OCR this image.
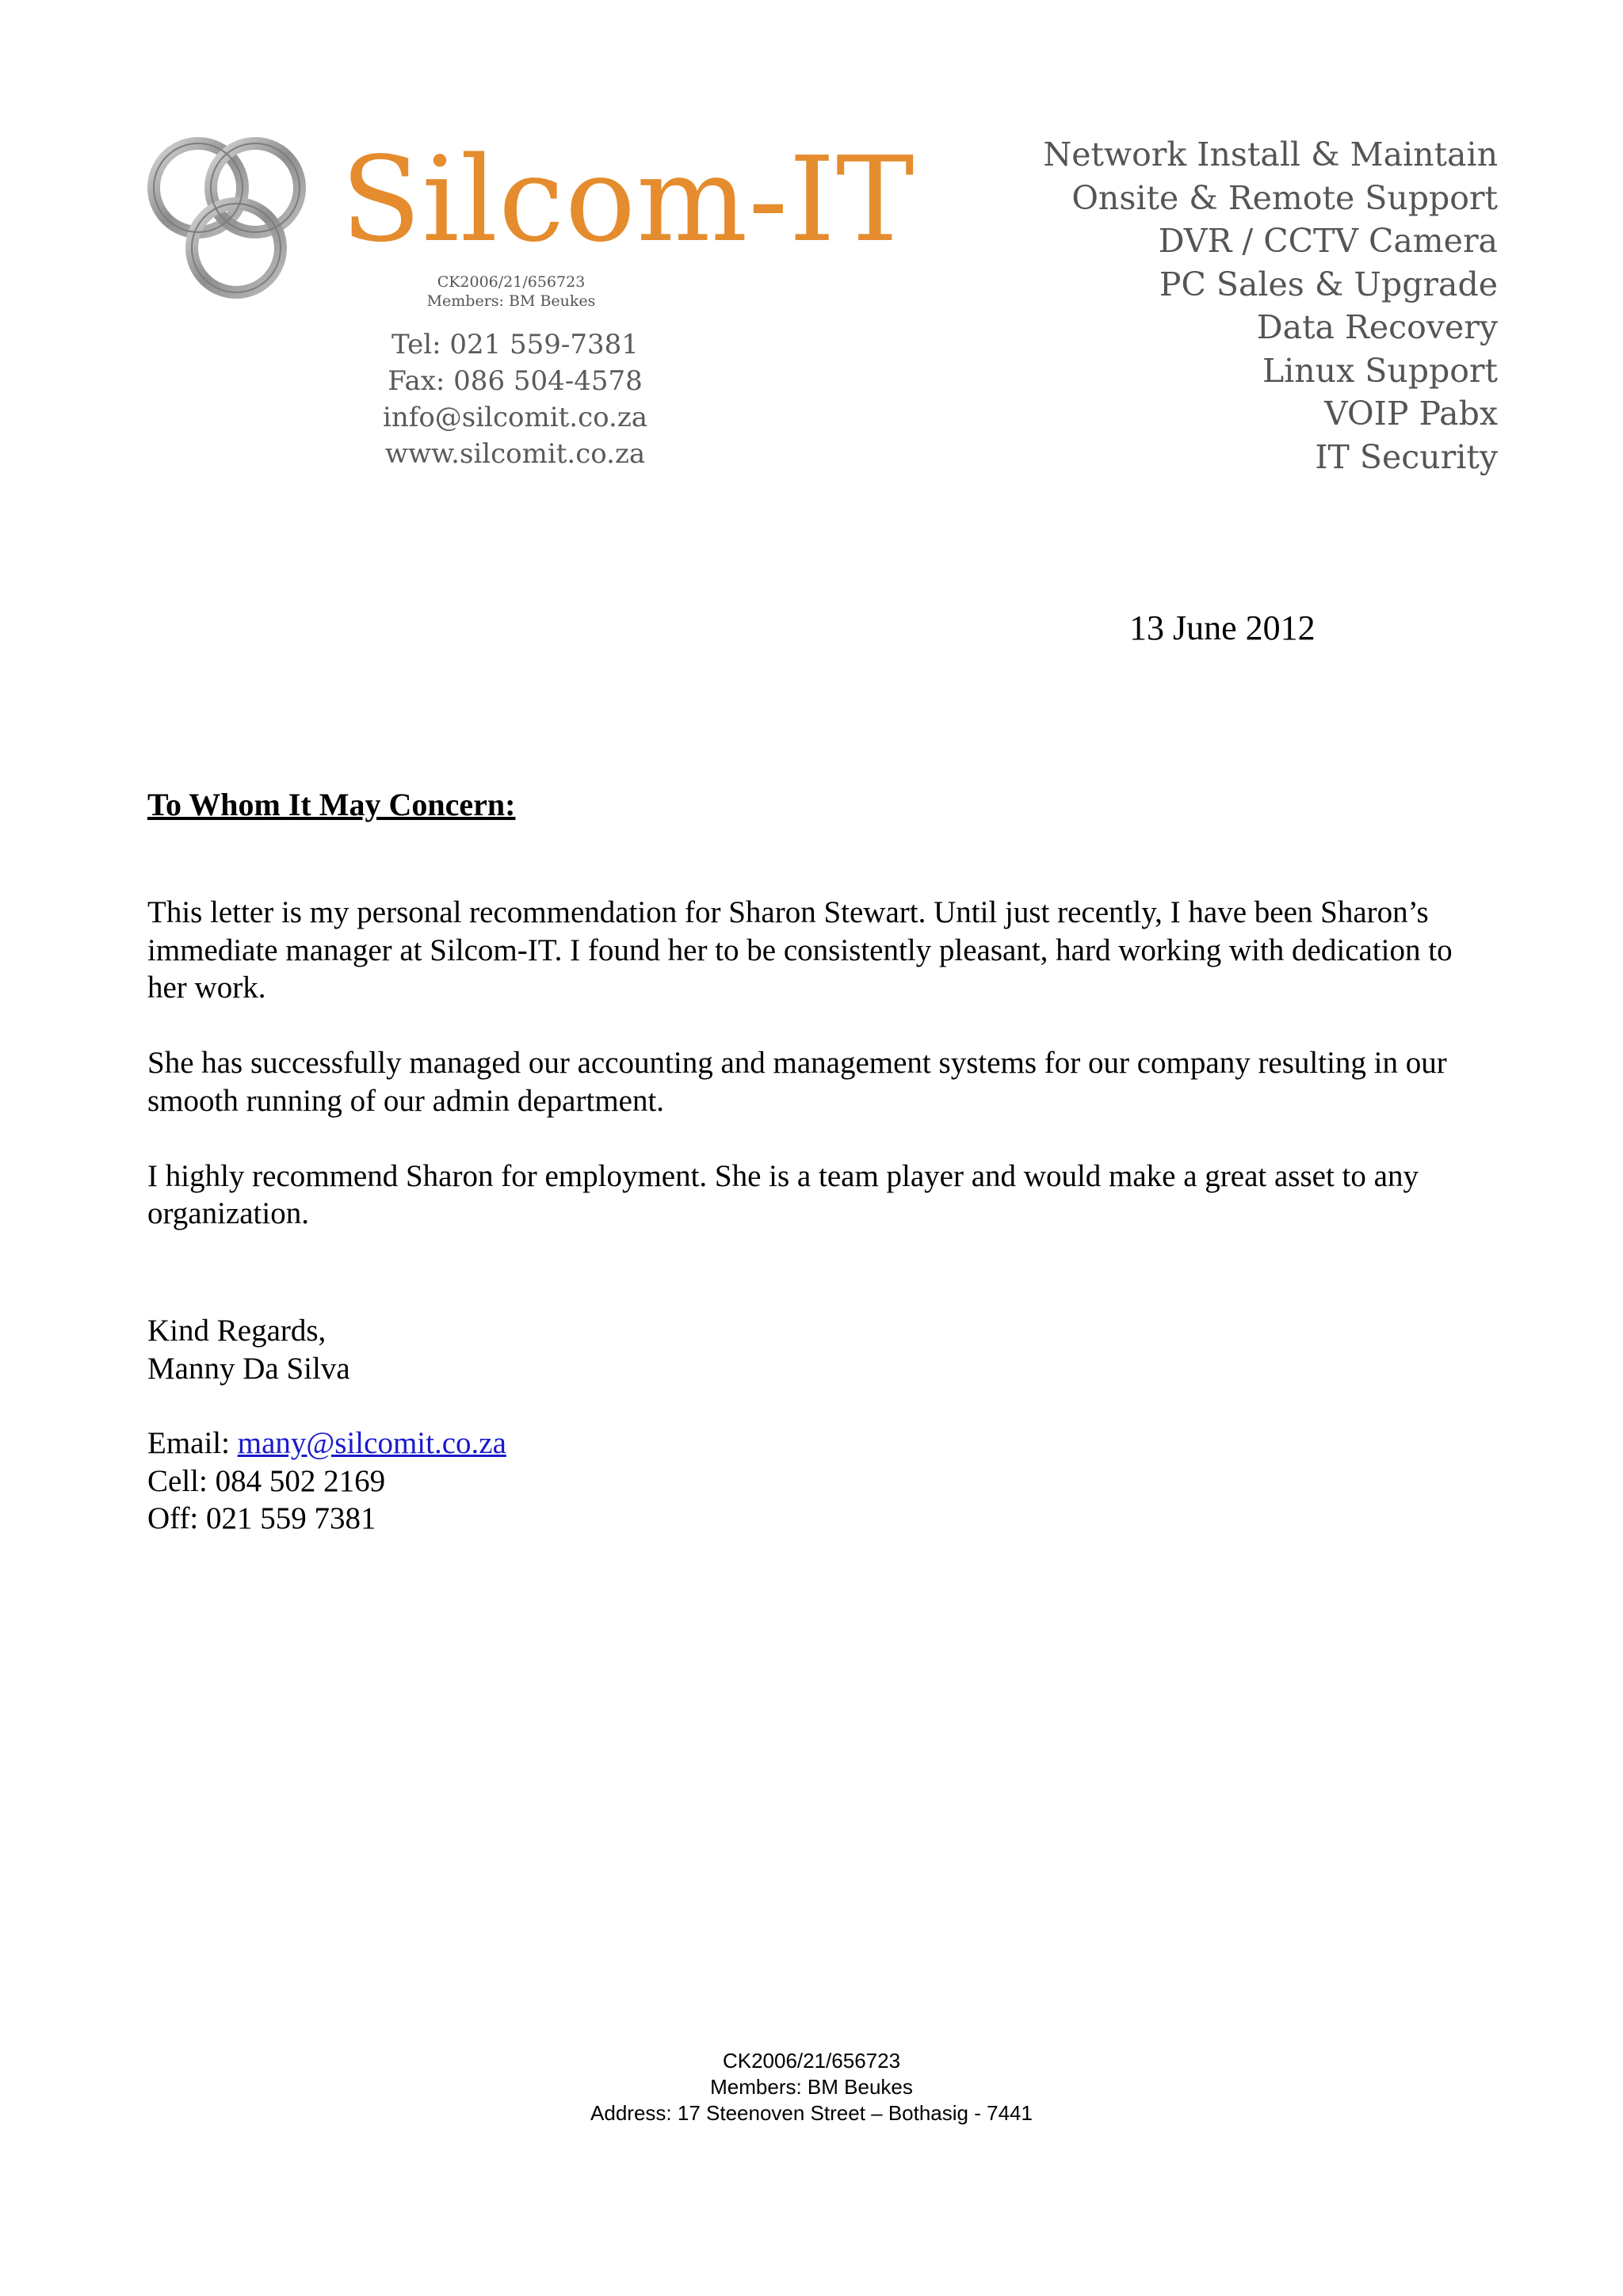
Silcom-IT
CK2006/21/656723
Members: BM Beukes
Tel: 021 559-7381
Fax: 086 504-4578
info@silcomit.co.za
www.silcomit.co.za
Network Install & Maintain
Onsite & Remote Support
DVR / CCTV Camera
PC Sales & Upgrade
Data Recovery
Linux Support
VOIP Pabx
IT Security
13 June 2012
To Whom It May Concern:

This letter is my personal recommendation for Sharon Stewart. Until just recently, I have been Sharon’s immediate manager at Silcom-IT. I found her to be consistently pleasant, hard working with dedication to her work.

She has successfully managed our accounting and management systems for our company resulting in our smooth running of our admin department.

I highly recommend Sharon for employment. She is a team player and would make a great asset to any organization.

Kind Regards,
Manny Da Silva
Email: many@silcomit.co.za
Cell: 084 502 2169
Off: 021 559 7381
CK2006/21/656723
Members: BM Beukes
Address: 17 Steenoven Street – Bothasig - 7441
